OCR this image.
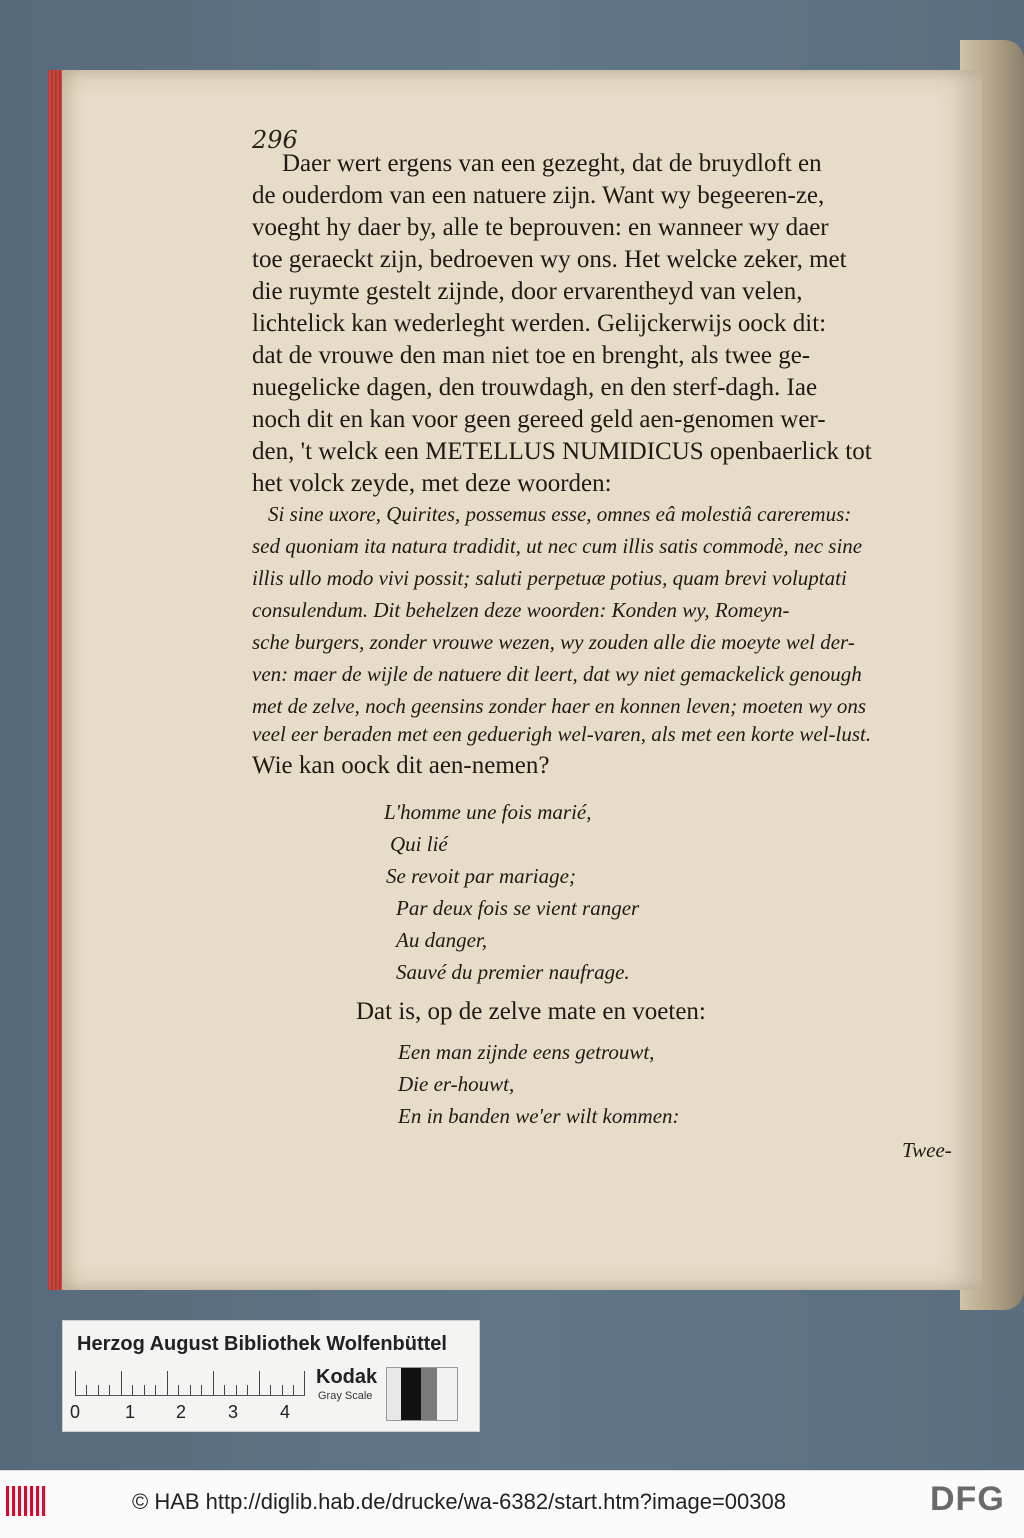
296
Daer wert ergens van een gezeght, dat de bruydloft en
de ouderdom van een natuere zijn. Want wy begeeren-ze,
voeght hy daer by, alle te beprouven: en wanneer wy daer
toe geraeckt zijn, bedroeven wy ons. Het welcke zeker, met
die ruymte gestelt zijnde, door ervarentheyd van velen,
lichtelick kan wederleght werden. Gelijckerwijs oock dit:
dat de vrouwe den man niet toe en brenght, als twee ge-
nuegelicke dagen, den trouwdagh, en den sterf-dagh. Iae
noch dit en kan voor geen gereed geld aen-genomen wer-
den, 't welck een METELLUS NUMIDICUS openbaerlick tot
het volck zeyde, met deze woorden:
Si sine uxore, Quirites, possemus esse, omnes eâ molestiâ careremus:
sed quoniam ita natura tradidit, ut nec cum illis satis commodè, nec sine
illis ullo modo vivi possit; saluti perpetuæ potius, quam brevi voluptati
consulendum. Dit behelzen deze woorden: Konden wy, Romeyn-
sche burgers, zonder vrouwe wezen, wy zouden alle die moeyte wel der-
ven: maer de wijle de natuere dit leert, dat wy niet gemackelick genough
met de zelve, noch geensins zonder haer en konnen leven; moeten wy ons
veel eer beraden met een geduerigh wel-varen, als met een korte wel-lust.
Wie kan oock dit aen-nemen?
L'homme une fois marié,
Qui lié
Se revoit par mariage;
Par deux fois se vient ranger
Au danger,
Sauvé du premier naufrage.
Dat is, op de zelve mate en voeten:
Een man zijnde eens getrouwt,
Die er-houwt,
En in banden we'er wilt kommen:
Twee-
Herzog August Bibliothek Wolfenbüttel
0 1 2 3 4
Kodak
Gray Scale
© HAB http://diglib.hab.de/drucke/wa-6382/start.htm?image=00308	DFG
